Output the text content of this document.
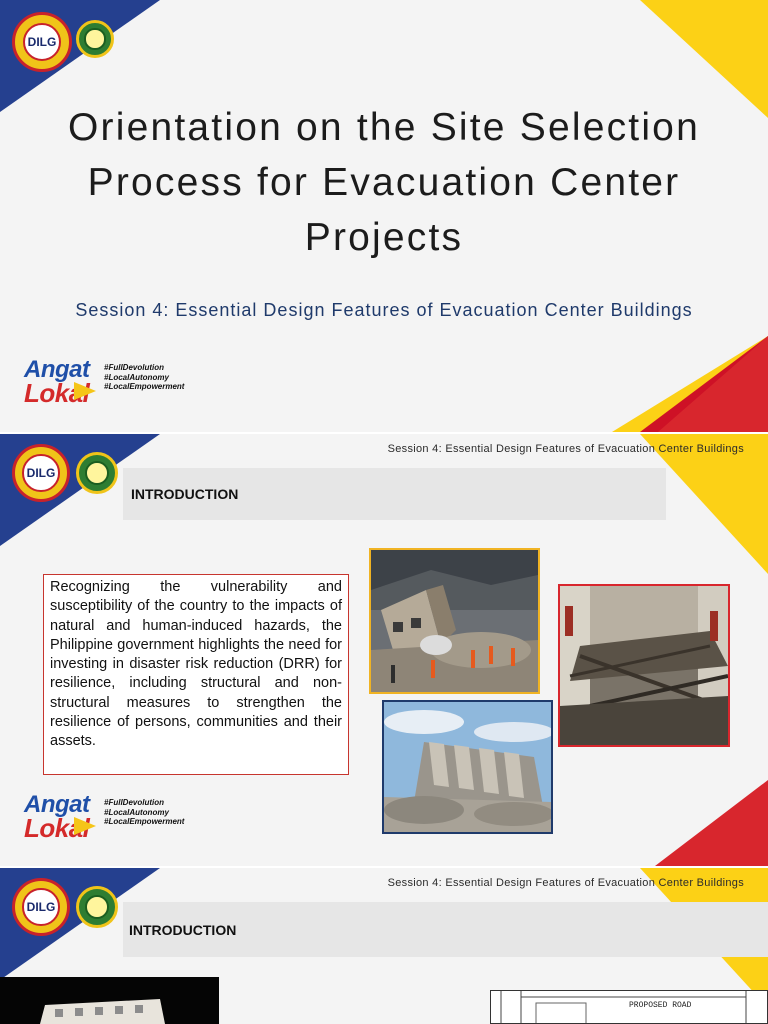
DILG
Orientation on the Site Selection Process for Evacuation Center Projects

Session 4: Essential Design Features of Evacuation Center Buildings

Angat
Lokal
#FullDevolution
#LocalAutonomy
#LocalEmpowerment
DILG
Session 4: Essential Design Features of Evacuation Center Buildings
INTRODUCTION
Recognizing the vulnerability and susceptibility of the country to the impacts of natural and human-induced hazards, the Philippine government highlights the need for investing in disaster risk reduction (DRR) for resilience, including structural and non-structural measures to strengthen the resilience of persons, communities and their assets.
Angat
Lokal
#FullDevolution
#LocalAutonomy
#LocalEmpowerment
DILG
Session 4: Essential Design Features of Evacuation Center Buildings
INTRODUCTION
PROPOSED ROAD
